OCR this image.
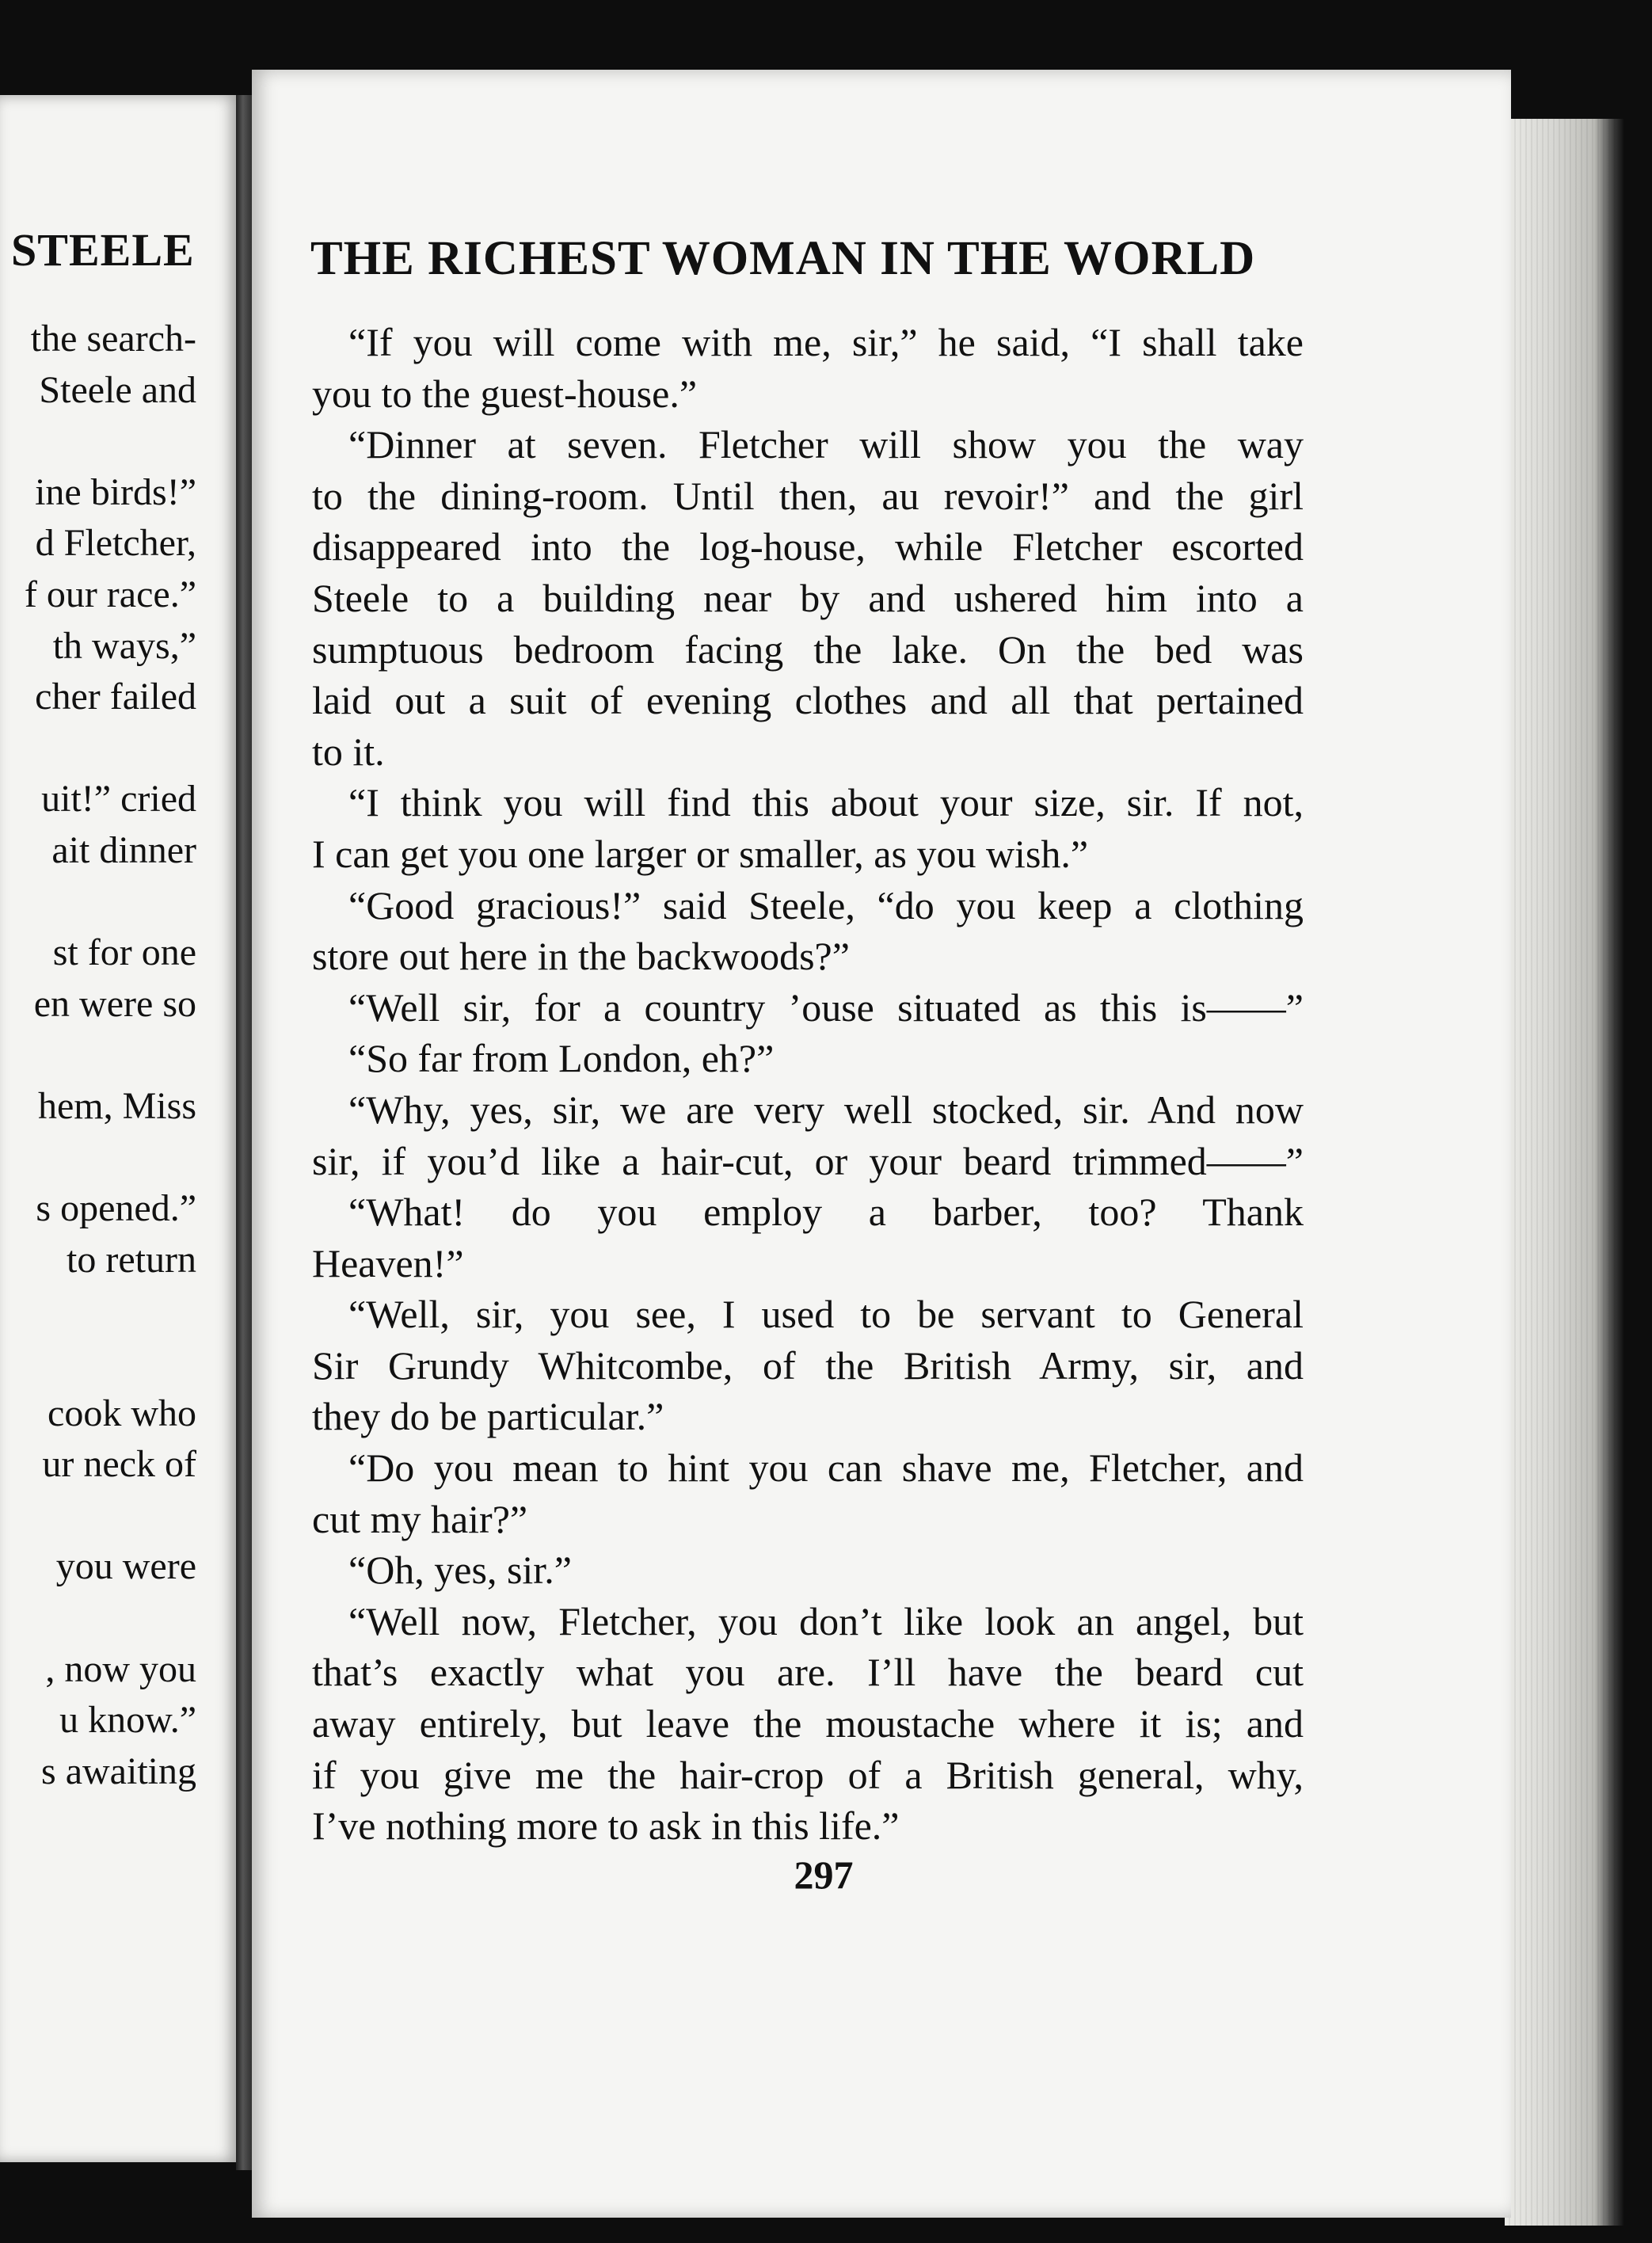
STEELE
the search-
Steele and
ine birds!”
d Fletcher,
f our race.”
th ways,”
cher failed
uit!” cried
ait dinner
st for one
en were so
hem, Miss
s opened.”
to return
cook who
ur neck of
you were
, now you
u know.”
s awaiting
THE RICHEST WOMAN IN THE WORLD
“If you will come with me, sir,” he said, “I shall take
you to the guest-house.”
“Dinner at seven. Fletcher will show you the way
to the dining-room. Until then, au revoir!” and the girl
disappeared into the log-house, while Fletcher escorted
Steele to a building near by and ushered him into a
sumptuous bedroom facing the lake. On the bed was
laid out a suit of evening clothes and all that pertained
to it.
“I think you will find this about your size, sir. If not,
I can get you one larger or smaller, as you wish.”
“Good gracious!” said Steele, “do you keep a clothing
store out here in the backwoods?”
“Well sir, for a country ’ouse situated as this is——”
“So far from London, eh?”
“Why, yes, sir, we are very well stocked, sir. And now
sir, if you’d like a hair-cut, or your beard trimmed——”
“What! do you employ a barber, too? Thank
Heaven!”
“Well, sir, you see, I used to be servant to General
Sir Grundy Whitcombe, of the British Army, sir, and
they do be particular.”
“Do you mean to hint you can shave me, Fletcher, and
cut my hair?”
“Oh, yes, sir.”
“Well now, Fletcher, you don’t like look an angel, but
that’s exactly what you are. I’ll have the beard cut
away entirely, but leave the moustache where it is; and
if you give me the hair-crop of a British general, why,
I’ve nothing more to ask in this life.”
297
